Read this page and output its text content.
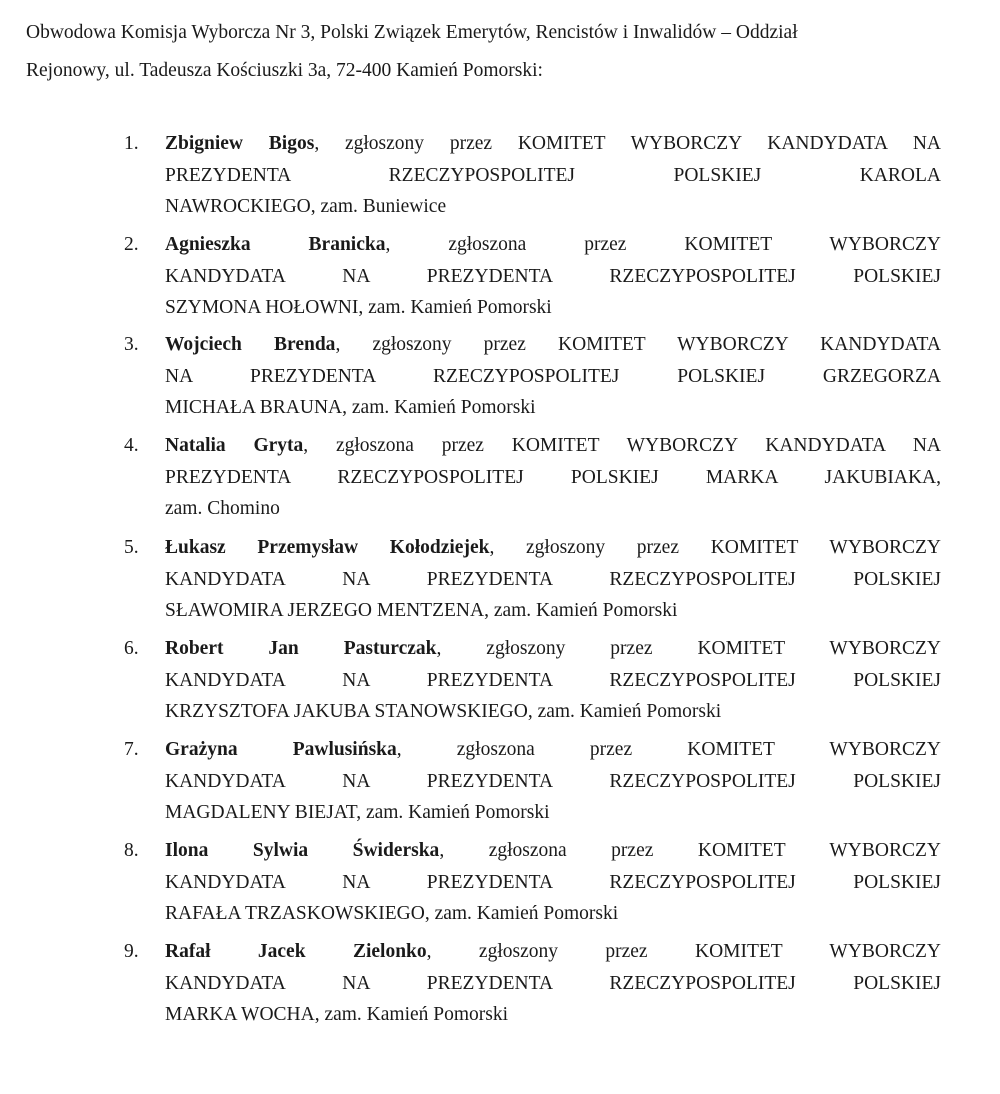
Obwodowa Komisja Wyborcza Nr 3, Polski Związek Emerytów, Rencistów i Inwalidów – Oddział
Rejonowy, ul. Tadeusza Kościuszki 3a, 72-400 Kamień Pomorski:

1. Zbigniew Bigos, zgłoszony przez KOMITET WYBORCZY KANDYDATA NA
PREZYDENTA RZECZYPOSPOLITEJ POLSKIEJ KAROLA
NAWROCKIEGO, zam. Buniewice
2. Agnieszka Branicka, zgłoszona przez KOMITET WYBORCZY
KANDYDATA NA PREZYDENTA RZECZYPOSPOLITEJ POLSKIEJ
SZYMONA HOŁOWNI, zam. Kamień Pomorski
3. Wojciech Brenda, zgłoszony przez KOMITET WYBORCZY KANDYDATA
NA PREZYDENTA RZECZYPOSPOLITEJ POLSKIEJ GRZEGORZA
MICHAŁA BRAUNA, zam. Kamień Pomorski
4. Natalia Gryta, zgłoszona przez KOMITET WYBORCZY KANDYDATA NA
PREZYDENTA RZECZYPOSPOLITEJ POLSKIEJ MARKA JAKUBIAKA,
zam. Chomino
5. Łukasz Przemysław Kołodziejek, zgłoszony przez KOMITET WYBORCZY
KANDYDATA NA PREZYDENTA RZECZYPOSPOLITEJ POLSKIEJ
SŁAWOMIRA JERZEGO MENTZENA, zam. Kamień Pomorski
6. Robert Jan Pasturczak, zgłoszony przez KOMITET WYBORCZY
KANDYDATA NA PREZYDENTA RZECZYPOSPOLITEJ POLSKIEJ
KRZYSZTOFA JAKUBA STANOWSKIEGO, zam. Kamień Pomorski
7. Grażyna Pawlusińska, zgłoszona przez KOMITET WYBORCZY
KANDYDATA NA PREZYDENTA RZECZYPOSPOLITEJ POLSKIEJ
MAGDALENY BIEJAT, zam. Kamień Pomorski
8. Ilona Sylwia Świderska, zgłoszona przez KOMITET WYBORCZY
KANDYDATA NA PREZYDENTA RZECZYPOSPOLITEJ POLSKIEJ
RAFAŁA TRZASKOWSKIEGO, zam. Kamień Pomorski
9. Rafał Jacek Zielonko, zgłoszony przez KOMITET WYBORCZY
KANDYDATA NA PREZYDENTA RZECZYPOSPOLITEJ POLSKIEJ
MARKA WOCHA, zam. Kamień Pomorski
